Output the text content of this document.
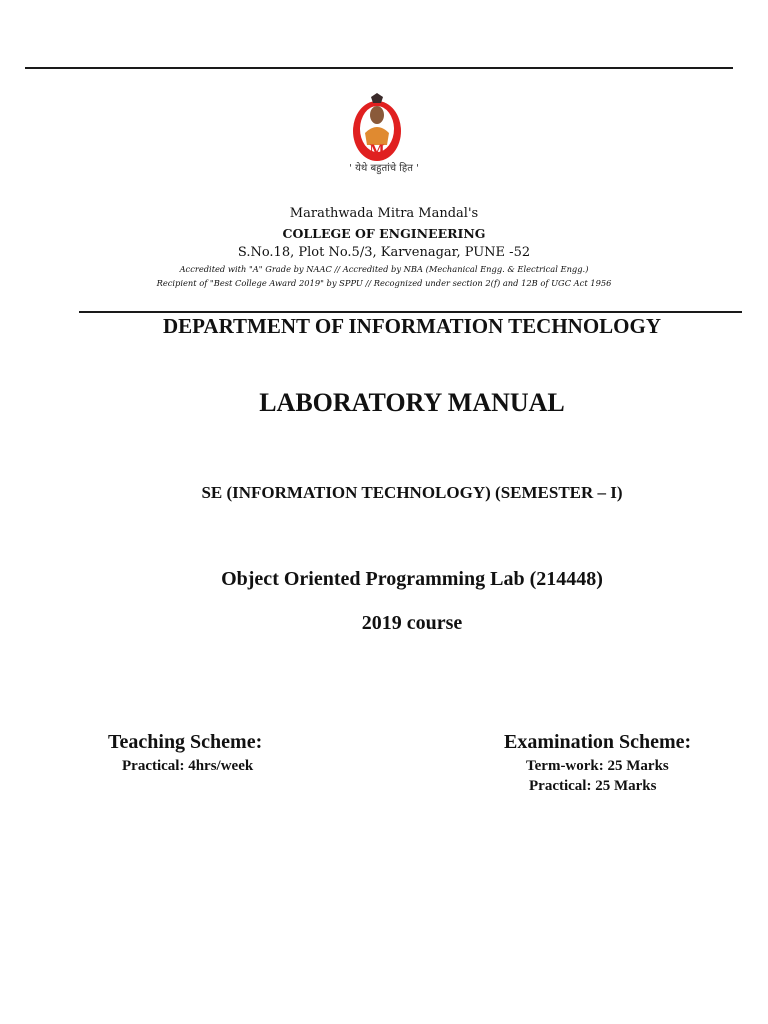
M
' येथे बहुतांचे हित '
Marathwada Mitra Mandal's
COLLEGE OF ENGINEERING
S.No.18, Plot No.5/3, Karvenagar, PUNE -52
Accredited with "A" Grade by NAAC // Accredited by NBA (Mechanical Engg. & Electrical Engg.)
Recipient of "Best College Award 2019" by SPPU // Recognized under section 2(f) and 12B of UGC Act 1956
DEPARTMENT OF INFORMATION TECHNOLOGY
LABORATORY MANUAL
SE (INFORMATION TECHNOLOGY) (SEMESTER – I)
Object Oriented Programming Lab (214448)
2019 course
Teaching Scheme:
Practical: 4hrs/week
Examination Scheme:
Term-work: 25 Marks
Practical: 25 Marks
